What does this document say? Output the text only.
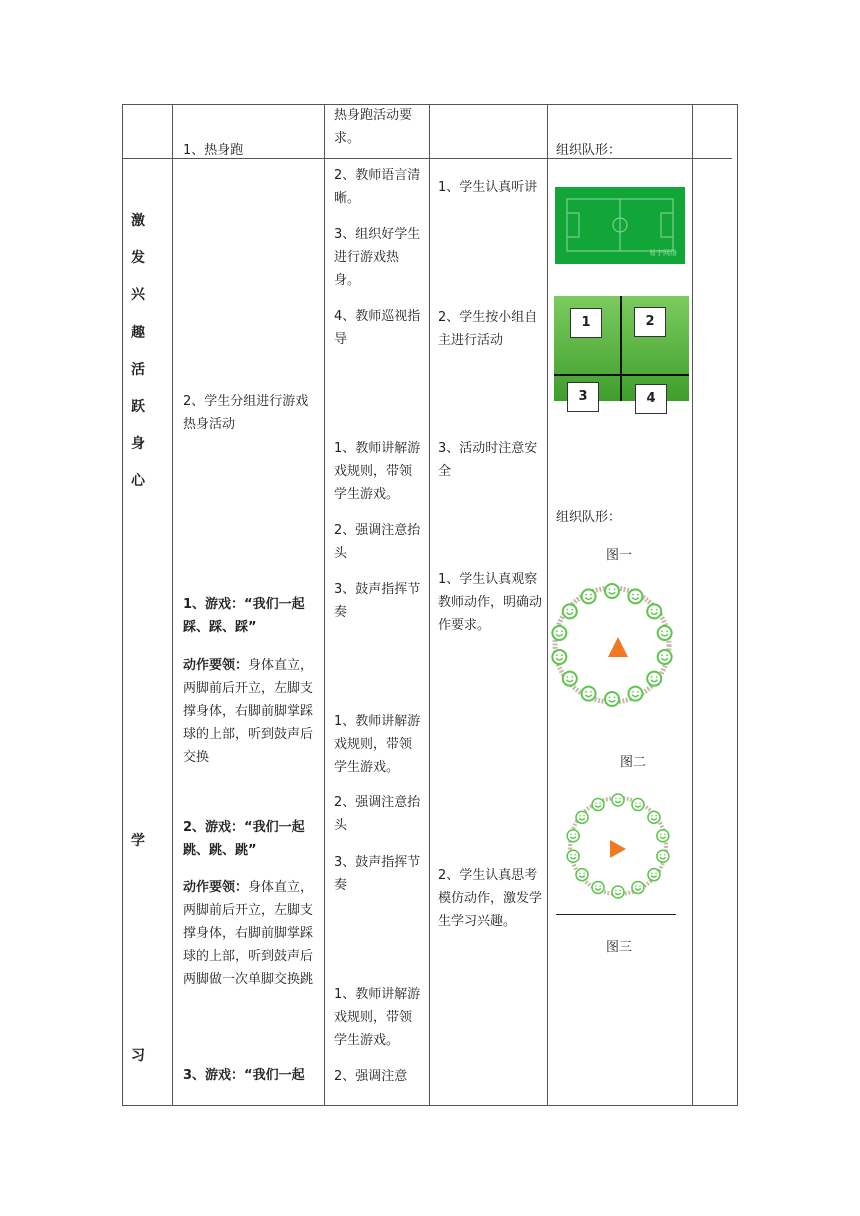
激
发
兴
趣
活
跃
身
心
学
习
1、热身跑
2、学生分组进行游戏热身活动
1、游戏：“我们一起踩、踩、踩”
动作要领：身体直立，两脚前后开立，左脚支撑身体，右脚前脚掌踩球的上部，听到鼓声后交换
2、游戏：“我们一起跳、跳、跳”
动作要领：身体直立，两脚前后开立，左脚支撑身体，右脚前脚掌踩球的上部，听到鼓声后两脚做一次单脚交换跳
3、游戏：“我们一起
热身跑活动要求。
2、教师语言清晰。
3、组织好学生进行游戏热身。
4、教师巡视指导
1、教师讲解游戏规则，带领学生游戏。
2、强调注意抬头
3、鼓声指挥节奏
1、教师讲解游戏规则，带领学生游戏。
2、强调注意抬头
3、鼓声指挥节奏
1、教师讲解游戏规则，带领学生游戏。
2、强调注意
1、学生认真听讲
2、学生按小组自主进行活动
3、活动时注意安全
1、学生认真观察教师动作，明确动作要求。
2、学生认真思考模仿动作，激发学生学习兴趣。
组织队形：
易宁网络
1	2
3	4
组织队形：
图一
图二
图三
